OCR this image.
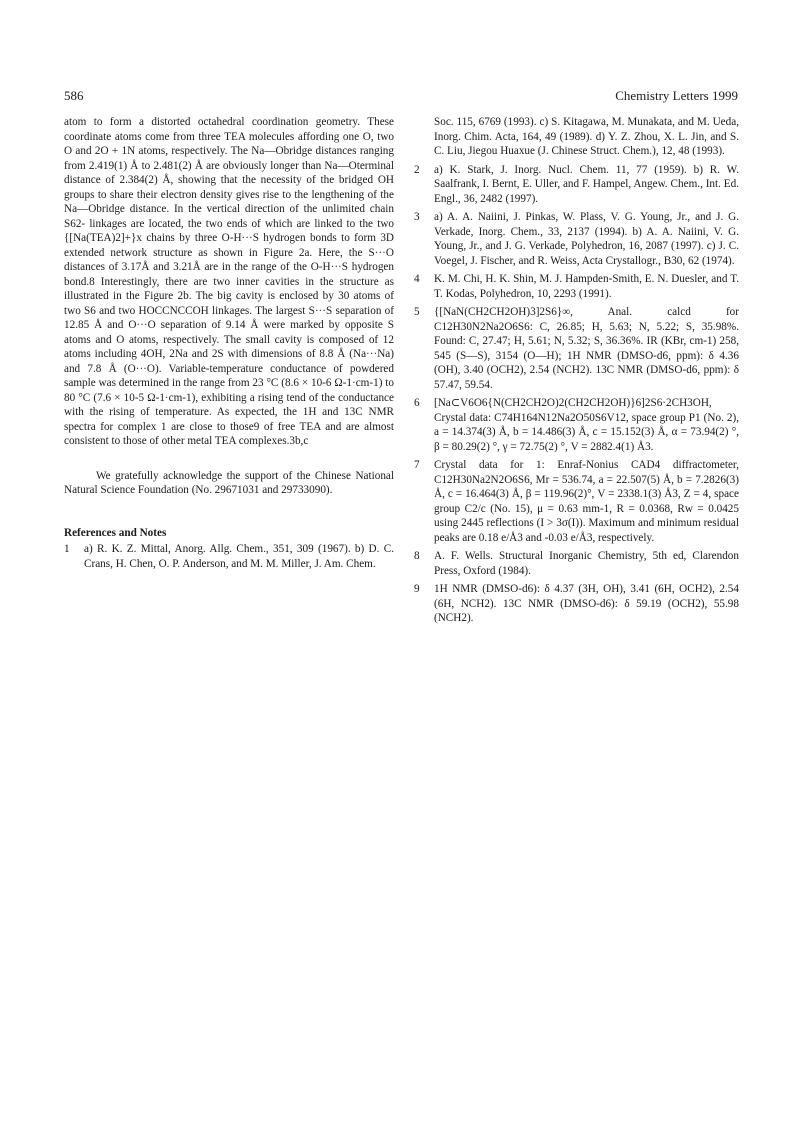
586	Chemistry Letters 1999

atom to form a distorted octahedral coordination geometry. These coordinate atoms come from three TEA molecules affording one O, two O and 2O + 1N atoms, respectively. The Na—Obridge distances ranging from 2.419(1) Å to 2.481(2) Å are obviously longer than Na—Oterminal distance of 2.384(2) Å, showing that the necessity of the bridged OH groups to share their electron density gives rise to the lengthening of the Na—Obridge distance. In the vertical direction of the unlimited chain S62- linkages are located, the two ends of which are linked to the two {[Na(TEA)2]+}x chains by three O-H···S hydrogen bonds to form 3D extended network structure as shown in Figure 2a. Here, the S···O distances of 3.17Å and 3.21Å are in the range of the O-H···S hydrogen bond.8 Interestingly, there are two inner cavities in the structure as illustrated in the Figure 2b. The big cavity is enclosed by 30 atoms of two S6 and two HOCCNCCOH linkages. The largest S···S separation of 12.85 Å and O···O separation of 9.14 Å were marked by opposite S atoms and O atoms, respectively. The small cavity is composed of 12 atoms including 4OH, 2Na and 2S with dimensions of 8.8 Å (Na···Na) and 7.8 Å (O···O). Variable-temperature conductance of powdered sample was determined in the range from 23 °C (8.6 × 10-6 Ω-1·cm-1) to 80 °C (7.6 × 10-5 Ω-1·cm-1), exhibiting a rising tend of the conductance with the rising of temperature. As expected, the 1H and 13C NMR spectra for complex 1 are close to those9 of free TEA and are almost consistent to those of other metal TEA complexes.3b,c

We gratefully acknowledge the support of the Chinese National Natural Science Foundation (No. 29671031 and 29733090).

References and Notes

1	a) R. K. Z. Mittal, Anorg. Allg. Chem., 351, 309 (1967). b) D. C. Crans, H. Chen, O. P. Anderson, and M. M. Miller, J. Am. Chem.
Soc. 115, 6769 (1993). c) S. Kitagawa, M. Munakata, and M. Ueda, Inorg. Chim. Acta, 164, 49 (1989). d) Y. Z. Zhou, X. L. Jin, and S. C. Liu, Jiegou Huaxue (J. Chinese Struct. Chem.), 12, 48 (1993).
2	a) K. Stark, J. Inorg. Nucl. Chem. 11, 77 (1959). b) R. W. Saalfrank, I. Bernt, E. Uller, and F. Hampel, Angew. Chem., Int. Ed. Engl., 36, 2482 (1997).
3	a) A. A. Naiini, J. Pinkas, W. Plass, V. G. Young, Jr., and J. G. Verkade, Inorg. Chem., 33, 2137 (1994). b) A. A. Naiini, V. G. Young, Jr., and J. G. Verkade, Polyhedron, 16, 2087 (1997). c) J. C. Voegel, J. Fischer, and R. Weiss, Acta Crystallogr., B30, 62 (1974).
4	K. M. Chi, H. K. Shin, M. J. Hampden-Smith, E. N. Duesler, and T. T. Kodas, Polyhedron, 10, 2293 (1991).
5	{[NaN(CH2CH2OH)3]2S6}∞, Anal. calcd for C12H30N2Na2O6S6: C, 26.85; H, 5.63; N, 5.22; S, 35.98%. Found: C, 27.47; H, 5.61; N, 5.32; S, 36.36%. IR (KBr, cm-1) 258, 545 (S—S), 3154 (O—H); 1H NMR (DMSO-d6, ppm): δ 4.36 (OH), 3.40 (OCH2), 2.54 (NCH2). 13C NMR (DMSO-d6, ppm): δ 57.47, 59.54.
6	[Na⊂V6O6{N(CH2CH2O)2(CH2CH2OH)}6]2S6·2CH3OH, Crystal data: C74H164N12Na2O50S6V12, space group P1 (No. 2), a = 14.374(3) Å, b = 14.486(3) Å, c = 15.152(3) Å, α = 73.94(2) °, β = 80.29(2) °, γ = 72.75(2) °, V = 2882.4(1) Å3.
7	Crystal data for 1: Enraf-Nonius CAD4 diffractometer, C12H30Na2N2O6S6, Mr = 536.74, a = 22.507(5) Å, b = 7.2826(3) Å, c = 16.464(3) Å, β = 119.96(2)°, V = 2338.1(3) Å3, Z = 4, space group C2/c (No. 15), μ = 0.63 mm-1, R = 0.0368, Rw = 0.0425 using 2445 reflections (I > 3σ(I)). Maximum and minimum residual peaks are 0.18 e/Å3 and -0.03 e/Å3, respectively.
8	A. F. Wells. Structural Inorganic Chemistry, 5th ed, Clarendon Press, Oxford (1984).
9	1H NMR (DMSO-d6): δ 4.37 (3H, OH), 3.41 (6H, OCH2), 2.54 (6H, NCH2). 13C NMR (DMSO-d6): δ 59.19 (OCH2), 55.98 (NCH2).
